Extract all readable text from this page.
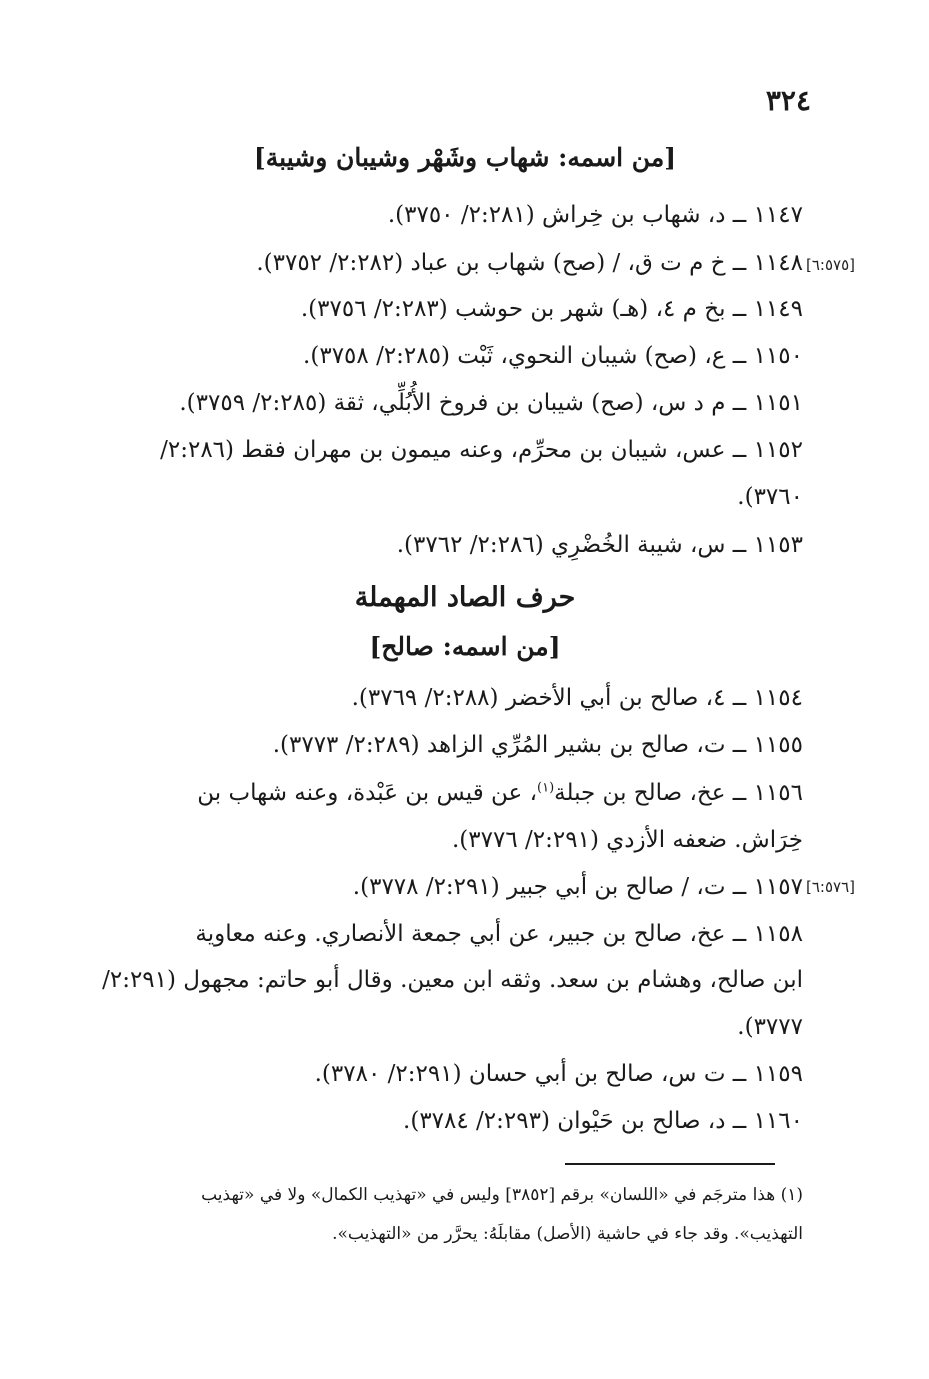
٣٢٤
[من اسمه: شهاب وشَهْر وشيبان وشيبة]
١١٤٧ ــ د، شهاب بن خِراش (٢:٢٨١/ ٣٧٥٠).
[٦:٥٧٥]
١١٤٨ ــ خ م ت ق، / (صح) شهاب بن عباد (٢:٢٨٢/ ٣٧٥٢).
١١٤٩ ــ بخ م ٤، (هـ) شهر بن حوشب (٢:٢٨٣/ ٣٧٥٦).
١١٥٠ ــ ع، (صح) شيبان النحوي، ثَبْت (٢:٢٨٥/ ٣٧٥٨).
١١٥١ ــ م د س، (صح) شيبان بن فروخ الأُبُلِّي، ثقة (٢:٢٨٥/ ٣٧٥٩).
١١٥٢ ــ عس، شيبان بن محرِّم، وعنه ميمون بن مهران فقط (٢:٢٨٦/
٣٧٦٠).
١١٥٣ ــ س، شيبة الخُضْرِي (٢:٢٨٦/ ٣٧٦٢).
حرف الصاد المهملة
[من اسمه: صالح]
١١٥٤ ــ ٤، صالح بن أبي الأخضر (٢:٢٨٨/ ٣٧٦٩).
١١٥٥ ــ ت، صالح بن بشير المُرِّي الزاهد (٢:٢٨٩/ ٣٧٧٣).
١١٥٦ ــ عخ، صالح بن جبلة$^{(١)}$، عن قيس بن عَبْدة، وعنه شهاب بن
خِرَاش. ضعفه الأزدي (٢:٢٩١/ ٣٧٧٦).
[٦:٥٧٦]
١١٥٧ ــ ت، / صالح بن أبي جبير (٢:٢٩١/ ٣٧٧٨).
١١٥٨ ــ عخ، صالح بن جبير، عن أبي جمعة الأنصاري. وعنه معاوية
ابن صالح، وهشام بن سعد. وثقه ابن معين. وقال أبو حاتم: مجهول (٢:٢٩١/
٣٧٧٧).
١١٥٩ ــ ت س، صالح بن أبي حسان (٢:٢٩١/ ٣٧٨٠).
١١٦٠ ــ د، صالح بن حَيْوان (٢:٢٩٣/ ٣٧٨٤).
(١) هذا مترجَم في «اللسان» برقم [٣٨٥٢] وليس في «تهذيب الكمال» ولا في «تهذيب
التهذيب». وقد جاء في حاشية (الأصل) مقابلَهُ: يحرَّر من «التهذيب».
